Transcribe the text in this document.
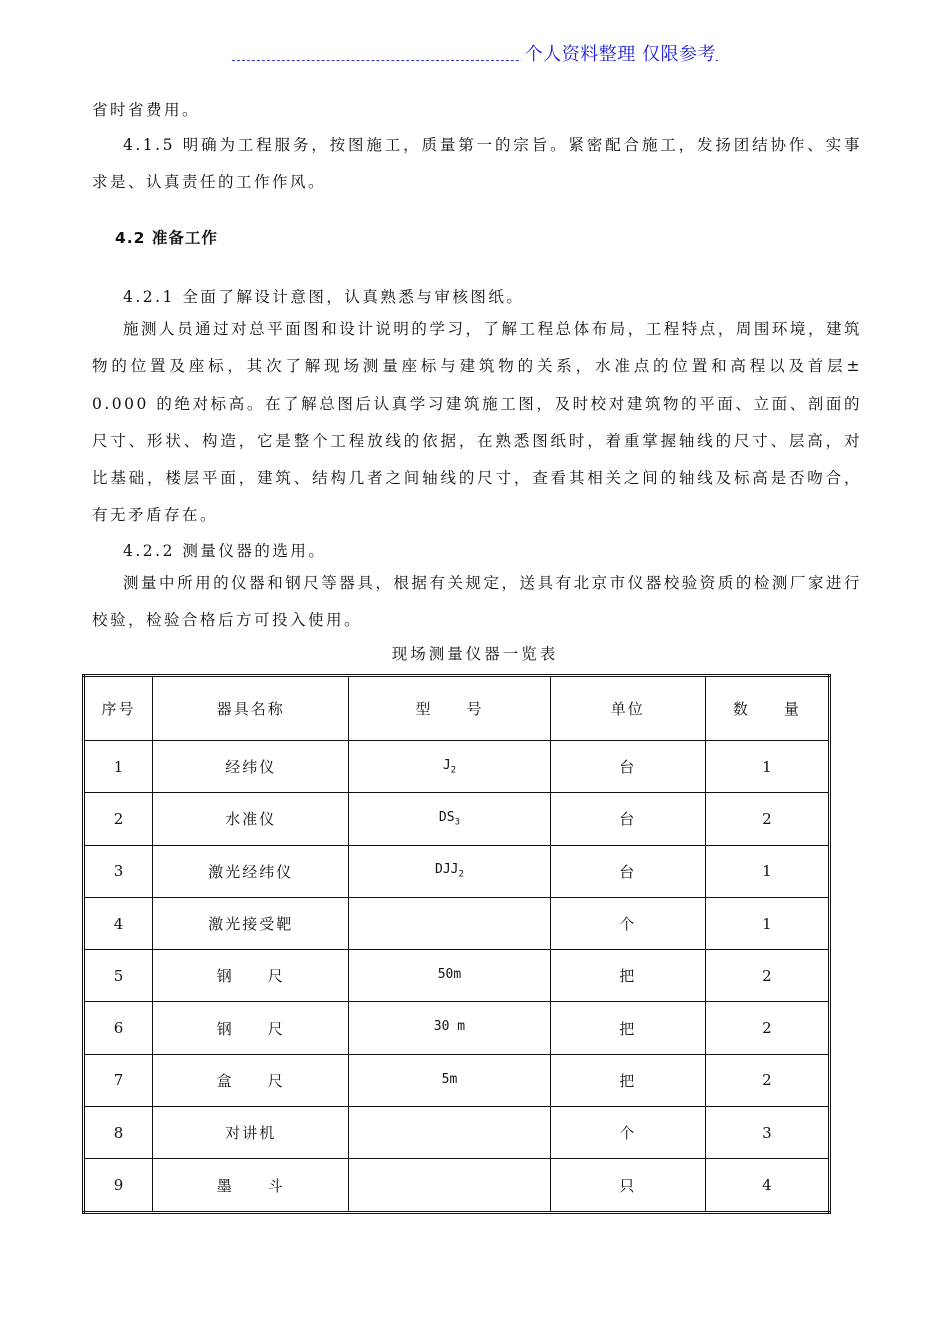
个人资料整理 仅限参考

省时省费用。

4.1.5 明确为工程服务，按图施工，质量第一的宗旨。紧密配合施工，发扬团结协作、实事求是、认真责任的工作作风。

4.2 准备工作

4.2.1 全面了解设计意图，认真熟悉与审核图纸。

施测人员通过对总平面图和设计说明的学习，了解工程总体布局，工程特点，周围环境，建筑物的位置及座标，其次了解现场测量座标与建筑物的关系，水准点的位置和高程以及首层± 0.000 的绝对标高。在了解总图后认真学习建筑施工图，及时校对建筑物的平面、立面、剖面的尺寸、形状、构造，它是整个工程放线的依据，在熟悉图纸时，着重掌握轴线的尺寸、层高，对比基础，楼层平面，建筑、结构几者之间轴线的尺寸，查看其相关之间的轴线及标高是否吻合，有无矛盾存在。

4.2.2 测量仪器的选用。

测量中所用的仪器和钢尺等器具，根据有关规定，送具有北京市仪器校验资质的检测厂家进行校验，检验合格后方可投入使用。

现场测量仪器一览表
序号	器具名称	型　　号	单位	数　　量
1	经纬仪	$J_2$	台	1
2	水准仪	$DS_3$	台	2
3	激光经纬仪	$DJJ_2$	台	1
4	激光接受靶		个	1
5	钢　　尺	50m	把	2
6	钢　　尺	30 m	把	2
7	盒　　尺	5m	把	2
8	对讲机		个	3
9	墨　　斗		只	4
